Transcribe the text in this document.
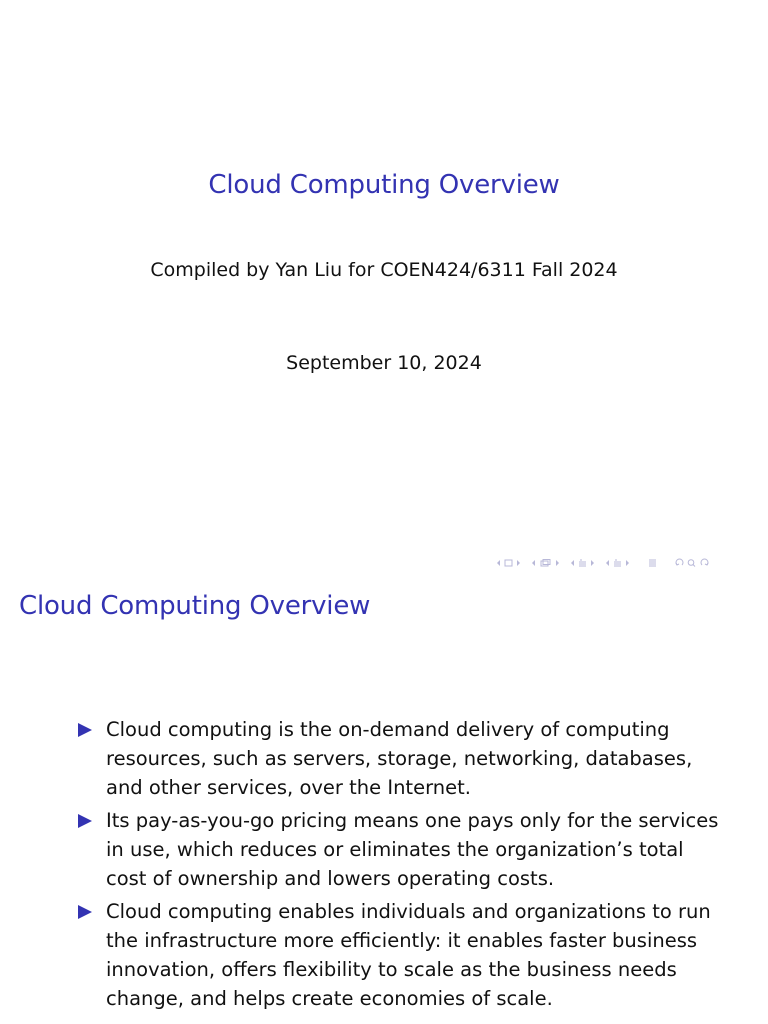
Cloud Computing Overview
Compiled by Yan Liu for COEN424/6311 Fall 2024
September 10, 2024
Cloud Computing Overview
Cloud computing is the on-demand delivery of computing resources, such as servers, storage, networking, databases, and other services, over the Internet.
Its pay-as-you-go pricing means one pays only for the services in use, which reduces or eliminates the organization’s total cost of ownership and lowers operating costs.
Cloud computing enables individuals and organizations to run the infrastructure more efficiently: it enables faster business innovation, offers flexibility to scale as the business needs change, and helps create economies of scale.
